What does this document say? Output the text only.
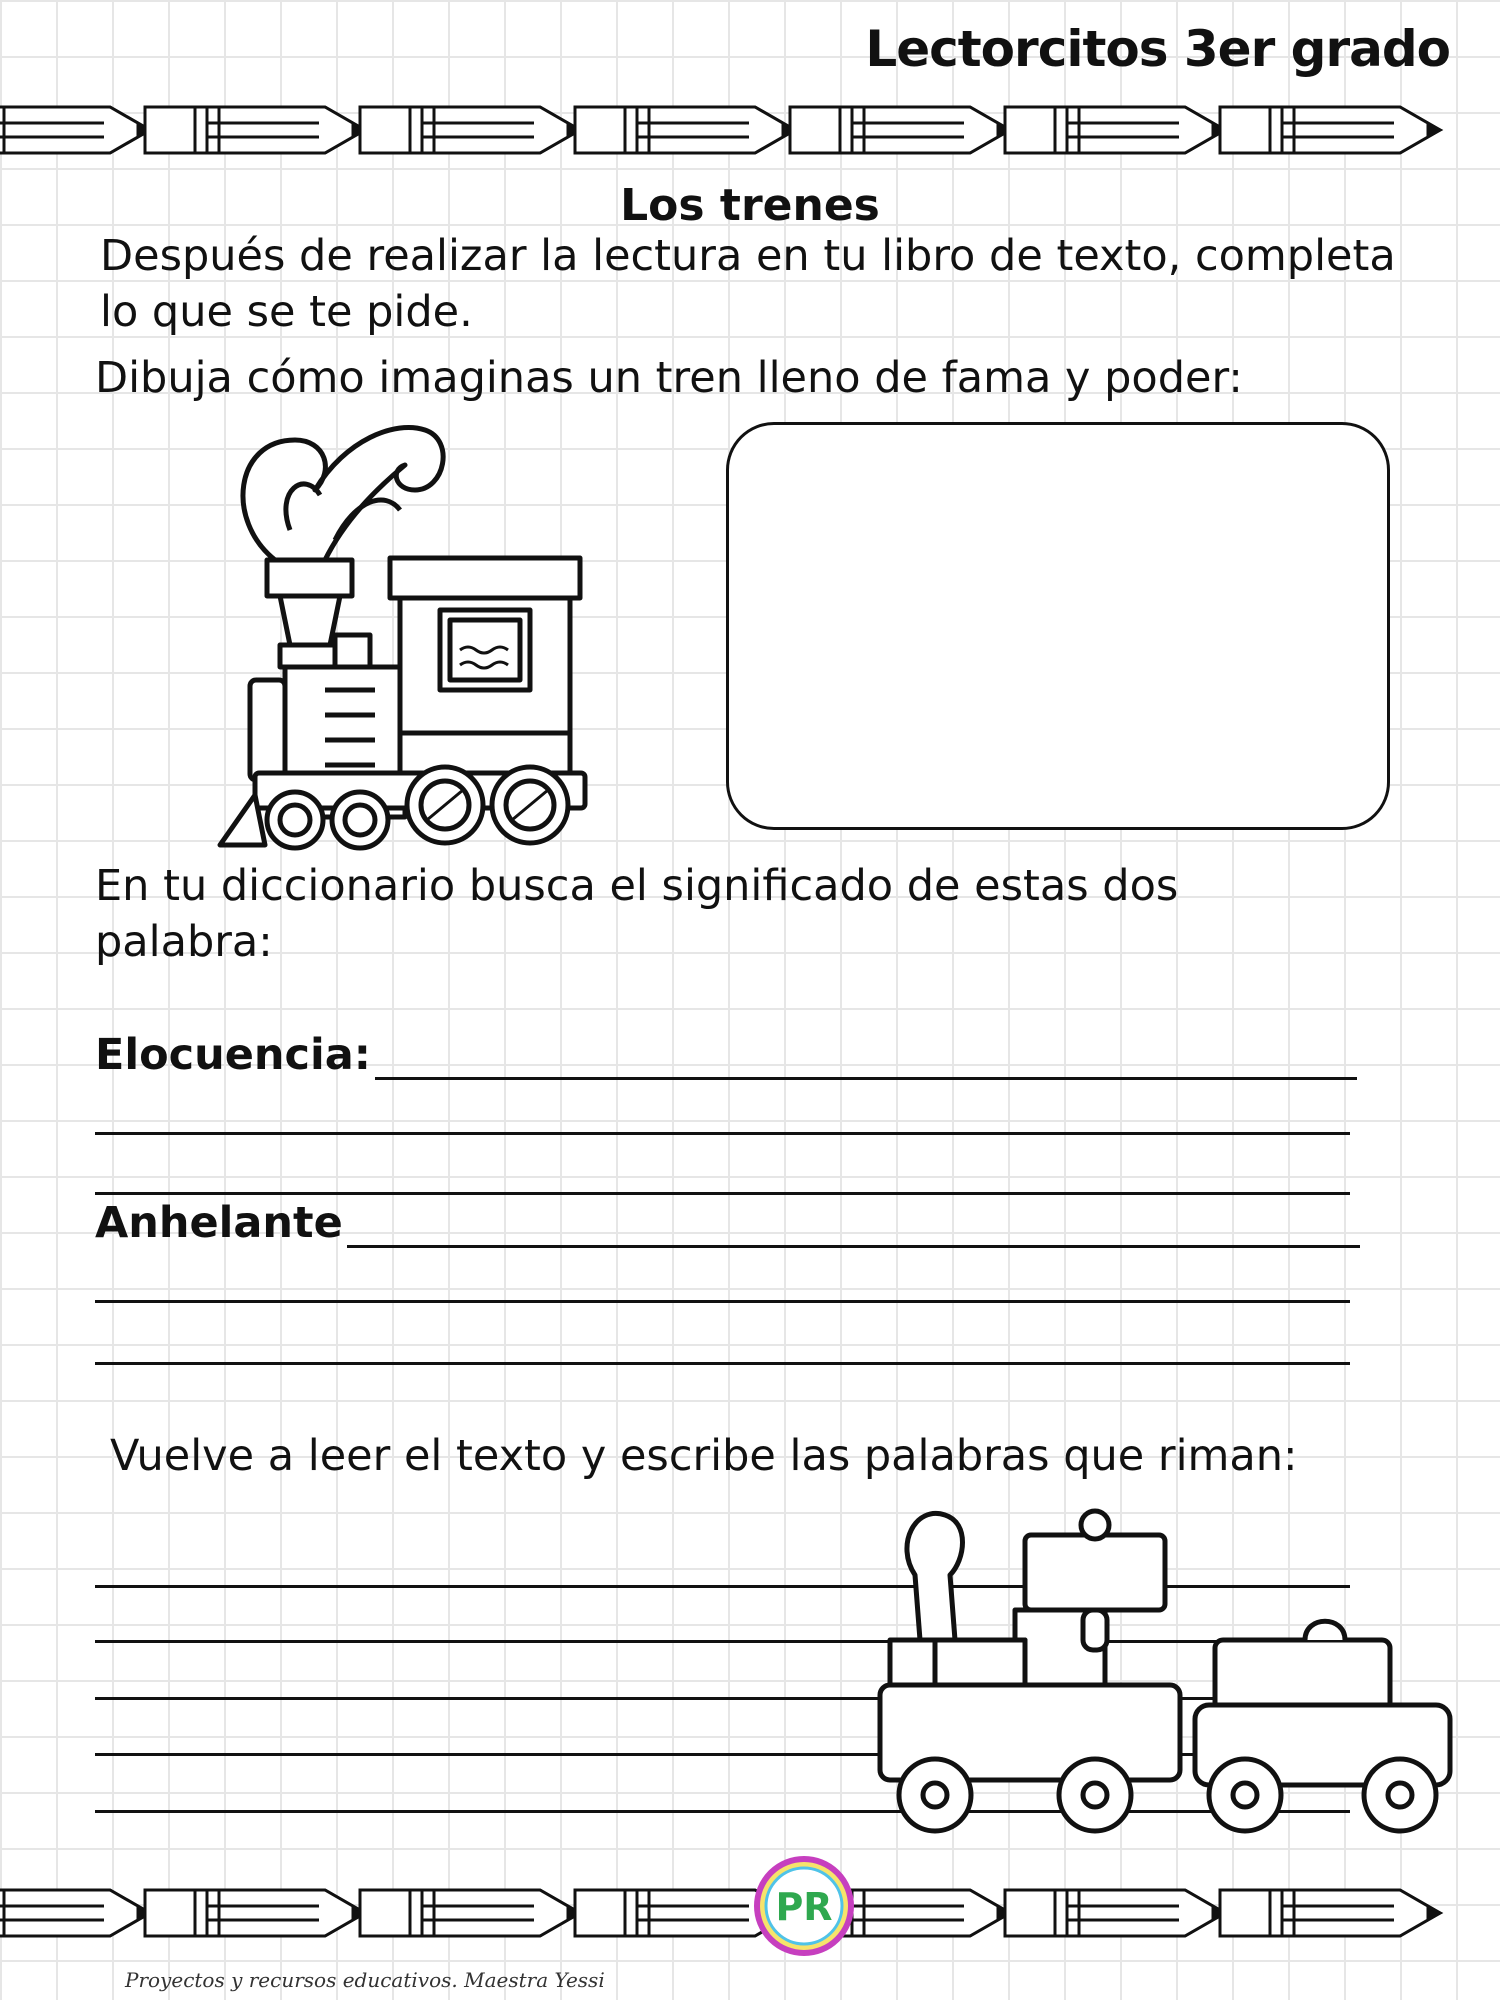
Lectorcitos 3er grado
Los trenes
Después de realizar la lectura en tu libro de texto, completa lo que se te pide.
Dibuja cómo imaginas un tren lleno de fama y poder:
En tu diccionario busca el significado de estas dos palabra:
Elocuencia:
Anhelante
Vuelve a leer el texto y escribe las palabras que riman:
PR
Proyectos y recursos educativos. Maestra Yessi
